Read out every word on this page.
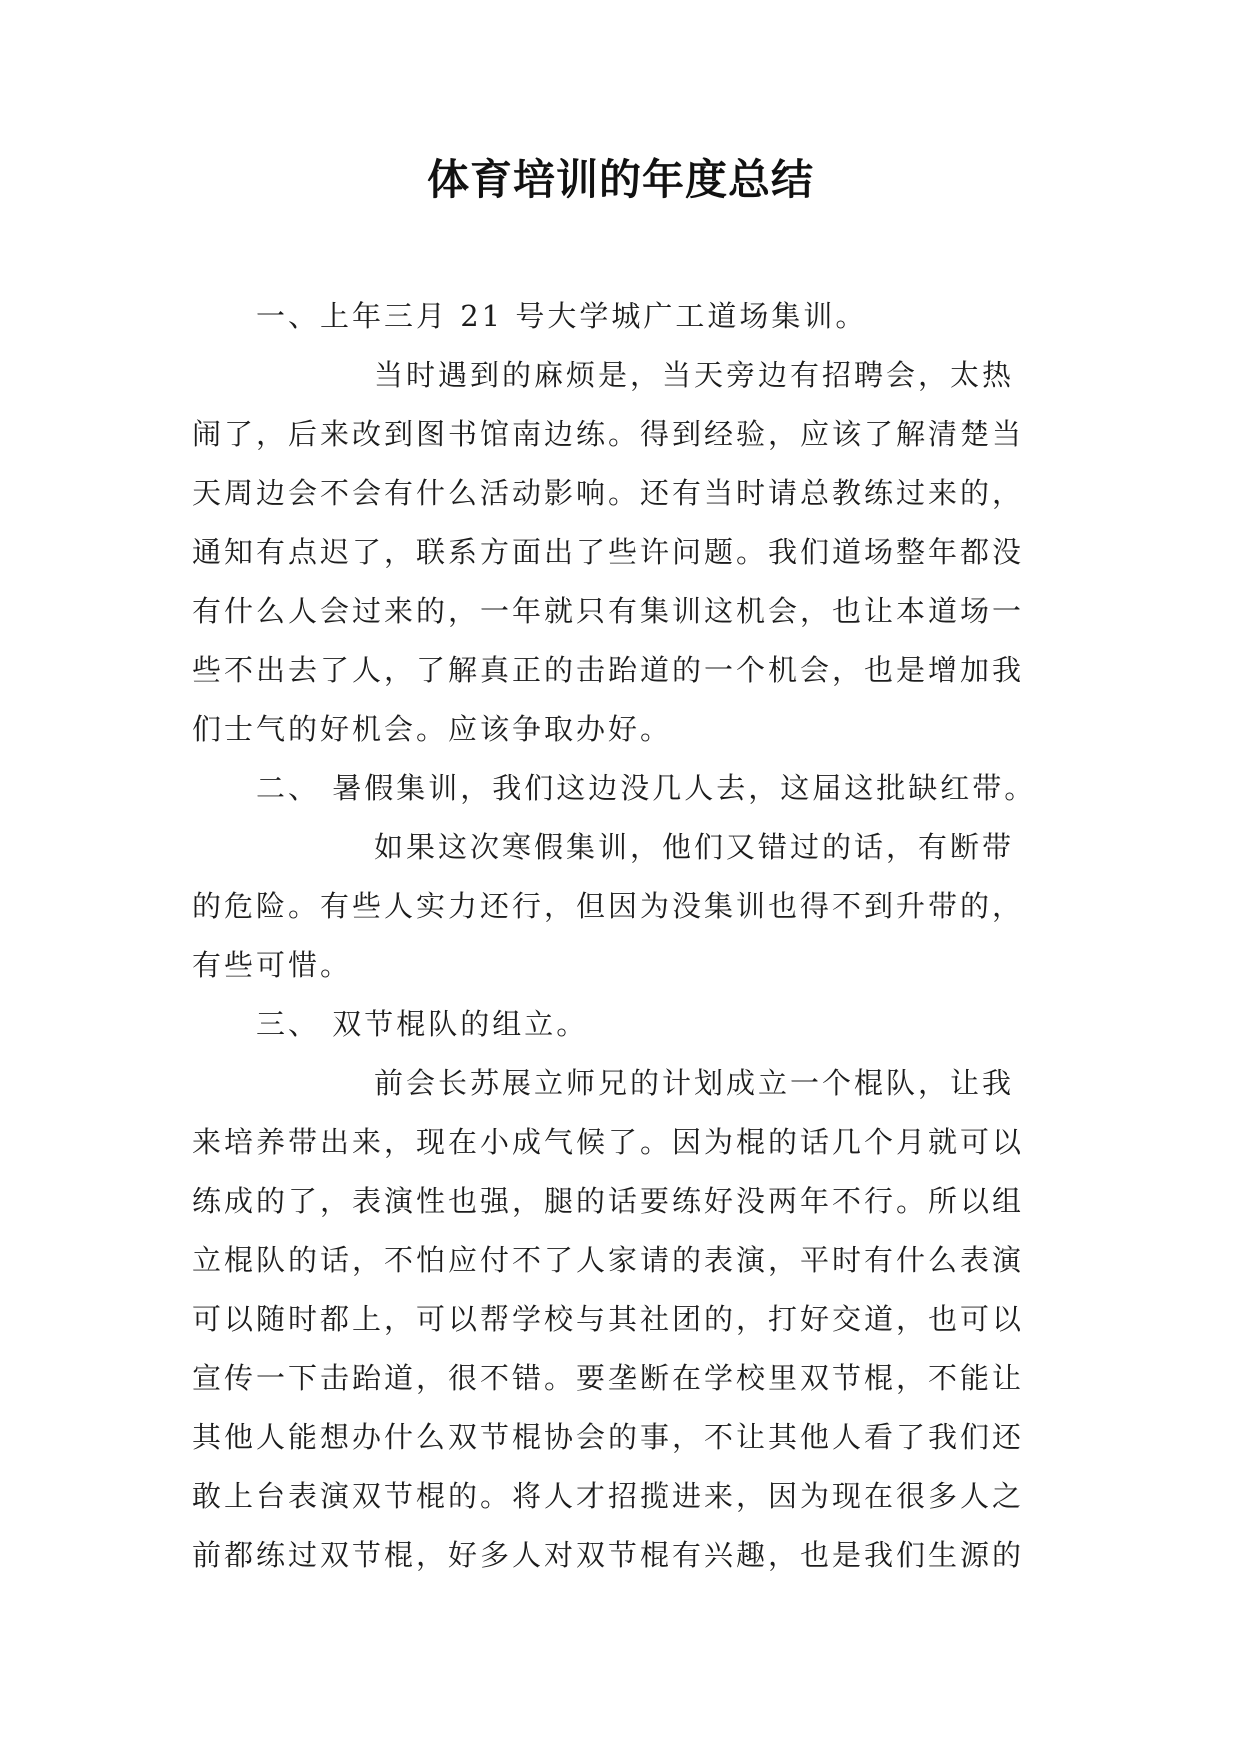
体育培训的年度总结
一、上年三月 21 号大学城广工道场集训。
当时遇到的麻烦是，当天旁边有招聘会，太热
闹了，后来改到图书馆南边练。得到经验，应该了解清楚当
天周边会不会有什么活动影响。还有当时请总教练过来的，
通知有点迟了，联系方面出了些许问题。我们道场整年都没
有什么人会过来的，一年就只有集训这机会，也让本道场一
些不出去了人，了解真正的击跆道的一个机会，也是增加我
们士气的好机会。应该争取办好。
二、 暑假集训，我们这边没几人去，这届这批缺红带。
如果这次寒假集训，他们又错过的话，有断带
的危险。有些人实力还行，但因为没集训也得不到升带的，
有些可惜。
三、 双节棍队的组立。
前会长苏展立师兄的计划成立一个棍队，让我
来培养带出来，现在小成气候了。因为棍的话几个月就可以
练成的了，表演性也强，腿的话要练好没两年不行。所以组
立棍队的话，不怕应付不了人家请的表演，平时有什么表演
可以随时都上，可以帮学校与其社团的，打好交道，也可以
宣传一下击跆道，很不错。要垄断在学校里双节棍，不能让
其他人能想办什么双节棍协会的事，不让其他人看了我们还
敢上台表演双节棍的。将人才招揽进来，因为现在很多人之
前都练过双节棍，好多人对双节棍有兴趣，也是我们生源的
